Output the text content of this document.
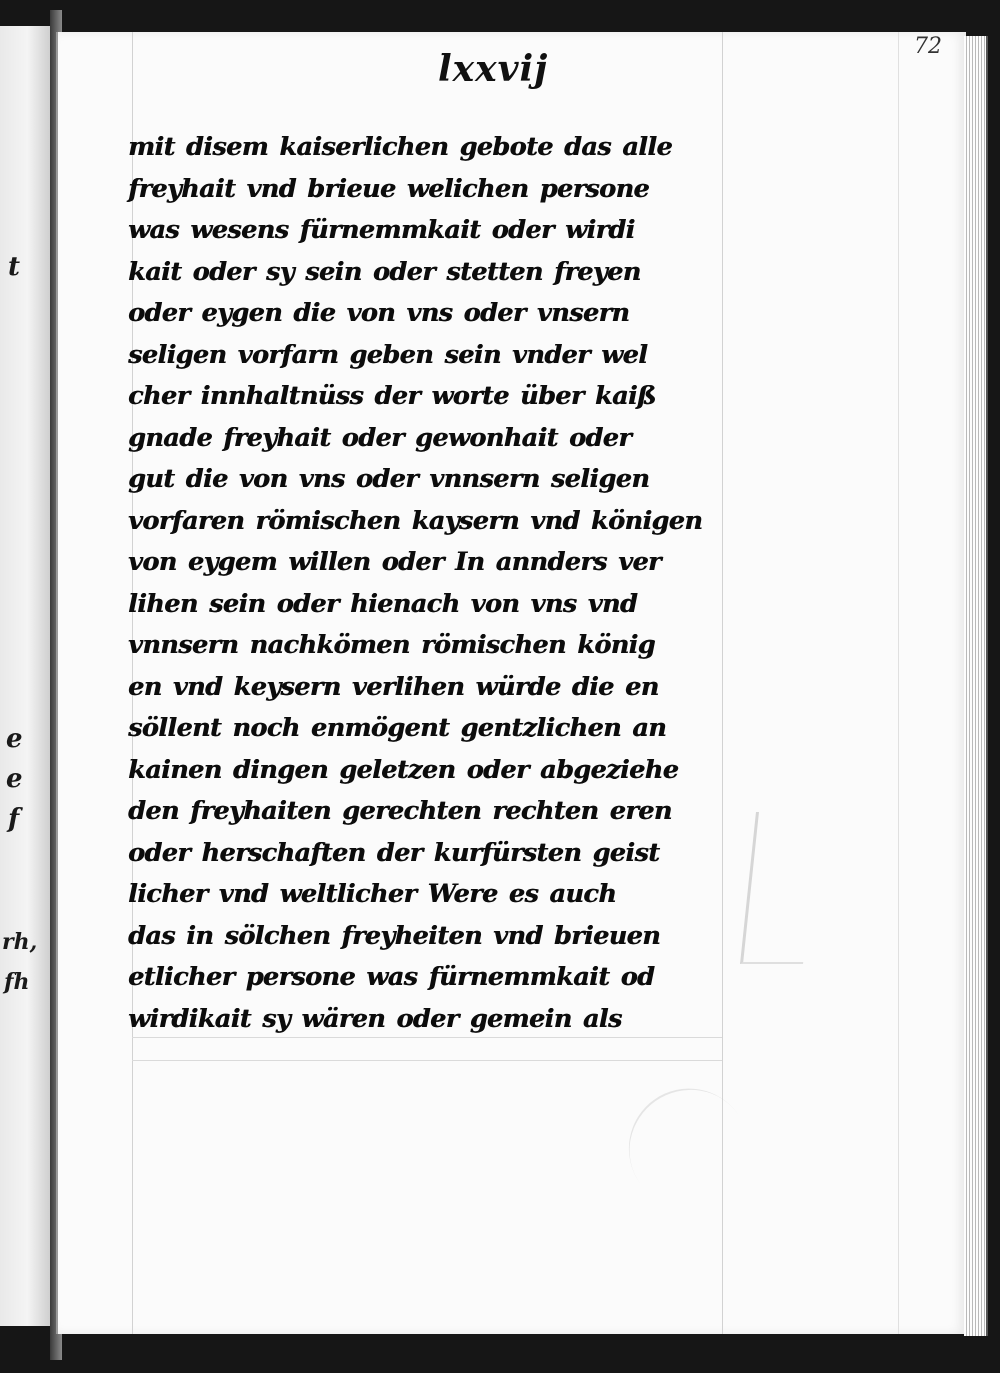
t
e
e
f
rh,
fh
72
lxxvij
mit disem kaiserlichen gebote das alle
freyhait vnd brieue welichen persone
was wesens fürnemmkait oder wirdi
kait oder sy sein oder stetten freyen
oder eygen die von vns oder vnsern
seligen vorfarn geben sein vnder wel
cher innhaltnüss der worte über kaiß
gnade freyhait oder gewonhait oder
gut die von vns oder vnnsern seligen
vorfaren römischen kaysern vnd königen
von eygem willen oder In annders ver
lihen sein oder hienach von vns vnd
vnnsern nachkömen römischen könig
en vnd keysern verlihen würde die en
söllent noch enmögent gentzlichen an
kainen dingen geletzen oder abgeziehe
den freyhaiten gerechten rechten eren
oder herschaften der kurfürsten geist
licher vnd weltlicher Were es auch
das in sölchen freyheiten vnd brieuen
etlicher persone was fürnemmkait od
wirdikait sy wären oder gemein als
